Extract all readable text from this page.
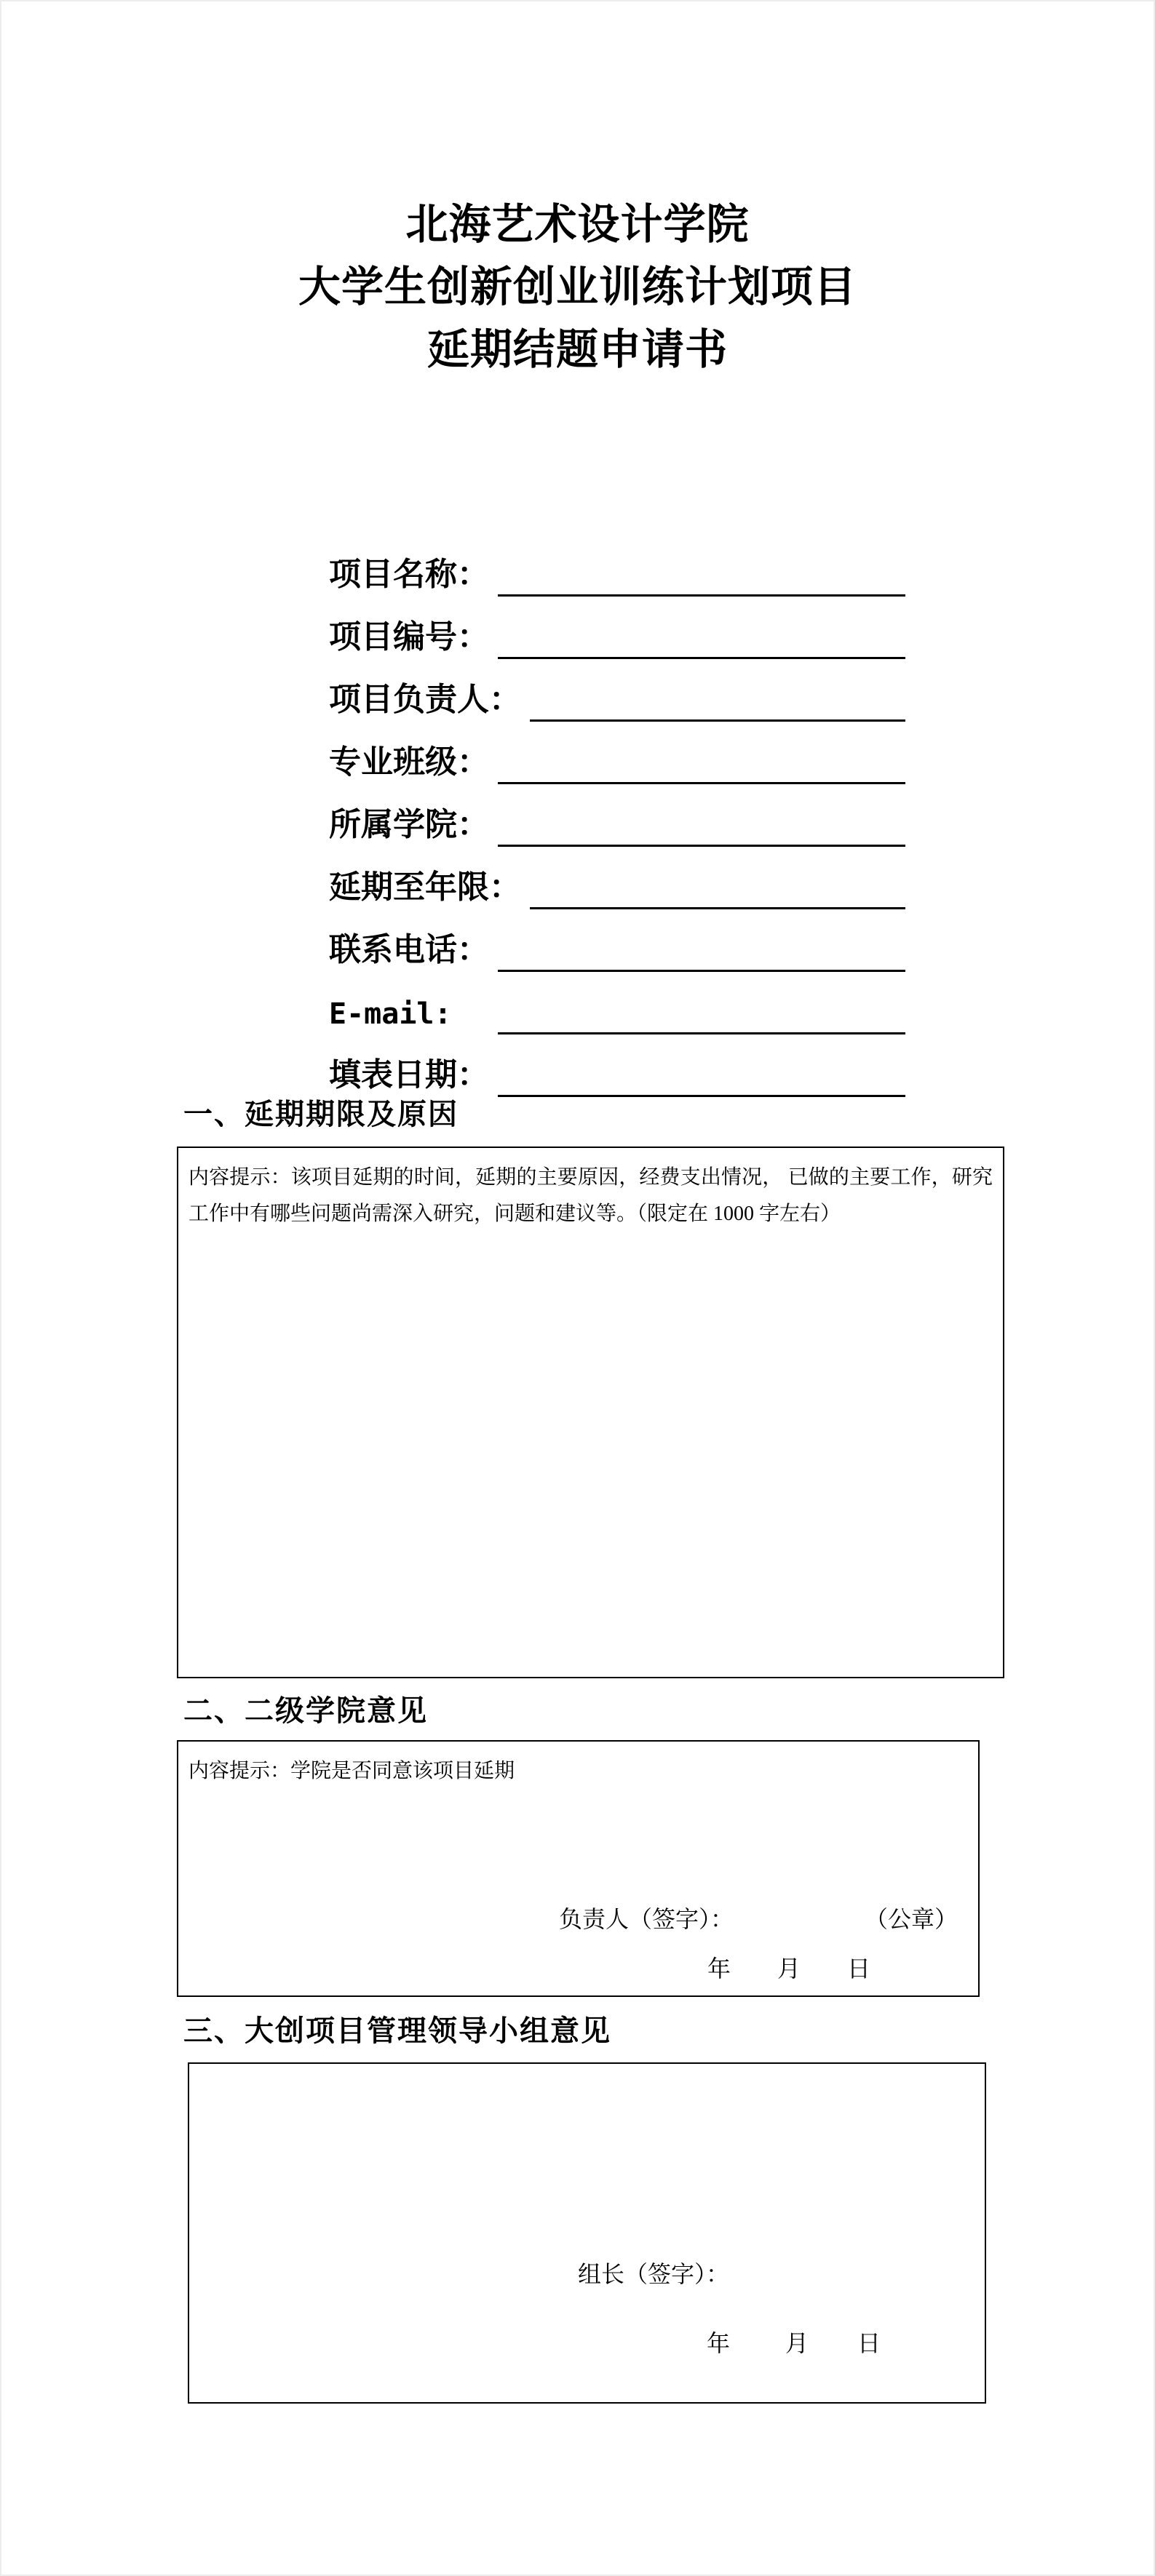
北海艺术设计学院
大学生创新创业训练计划项目
延期结题申请书
项目名称：
项目编号：
项目负责人：
专业班级：
所属学院：
延期至年限：
联系电话：
E-mail:
填表日期：
一、延期期限及原因
内容提示：该项目延期的时间，延期的主要原因，经费支出情况， 已做的主要工作，研究工作中有哪些问题尚需深入研究，问题和建议等。（限定在 1000 字左右）
二、二级学院意见
内容提示：学院是否同意该项目延期
负责人（签字）：	（公章）
年 月 日
三、大创项目管理领导小组意见
组长（签字）：
年 月 日
